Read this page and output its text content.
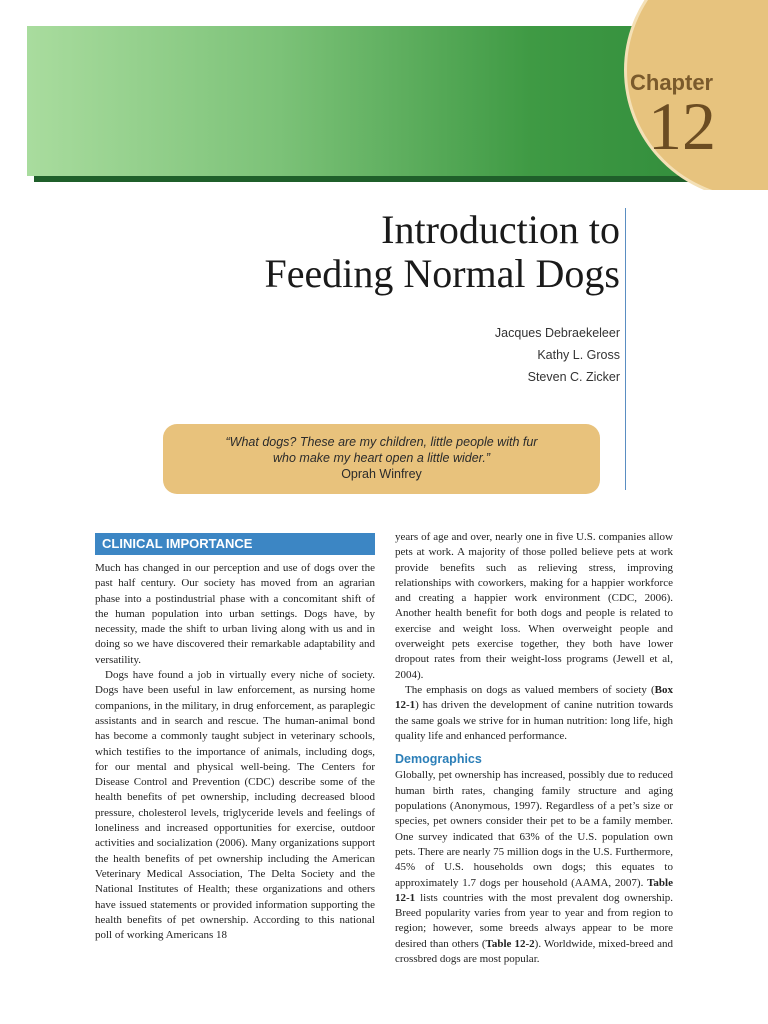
Chapter
12
Introduction to
Feeding Normal Dogs
Jacques Debraekeleer
Kathy L. Gross
Steven C. Zicker
“What dogs? These are my children, little people with fur
who make my heart open a little wider.”
Oprah Winfrey
CLINICAL IMPORTANCE

Much has changed in our perception and use of dogs over the past half century. Our society has moved from an agrarian phase into a postindustrial phase with a concomitant shift of the human population into urban settings. Dogs have, by necessity, made the shift to urban living along with us and in doing so we have discovered their remarkable adaptability and versatility.

Dogs have found a job in virtually every niche of society. Dogs have been useful in law enforcement, as nursing home companions, in the military, in drug enforcement, as paraplegic assistants and in search and rescue. The human-animal bond has become a commonly taught subject in veterinary schools, which testifies to the importance of animals, including dogs, for our mental and physical well-being. The Centers for Disease Control and Prevention (CDC) describe some of the health benefits of pet ownership, including decreased blood pressure, cholesterol levels, triglyceride levels and feelings of loneliness and increased opportunities for exercise, outdoor activities and socialization (2006). Many organizations support the health benefits of pet ownership including the American Veterinary Medical Association, The Delta Society and the National Institutes of Health; these organizations and others have issued statements or provided information supporting the health benefits of pet ownership. According to this national poll of working Americans 18

years of age and over, nearly one in five U.S. companies allow pets at work. A majority of those polled believe pets at work provide benefits such as relieving stress, improving relationships with coworkers, making for a happier workforce and creating a happier work environment (CDC, 2006). Another health benefit for both dogs and people is related to exercise and weight loss. When overweight people and overweight pets exercise together, they both have lower dropout rates from their weight-loss programs (Jewell et al, 2004).

The emphasis on dogs as valued members of society (Box 12-1) has driven the development of canine nutrition towards the same goals we strive for in human nutrition: long life, high quality life and enhanced performance.

Demographics

Globally, pet ownership has increased, possibly due to reduced human birth rates, changing family structure and aging populations (Anonymous, 1997). Regardless of a pet’s size or species, pet owners consider their pet to be a family member. One survey indicated that 63% of the U.S. population own pets. There are nearly 75 million dogs in the U.S. Furthermore, 45% of U.S. households own dogs; this equates to approximately 1.7 dogs per household (AAMA, 2007). Table 12-1 lists countries with the most prevalent dog ownership. Breed popularity varies from year to year and from region to region; however, some breeds always appear to be more desired than others (Table 12-2). Worldwide, mixed-breed and crossbred dogs are most popular.
